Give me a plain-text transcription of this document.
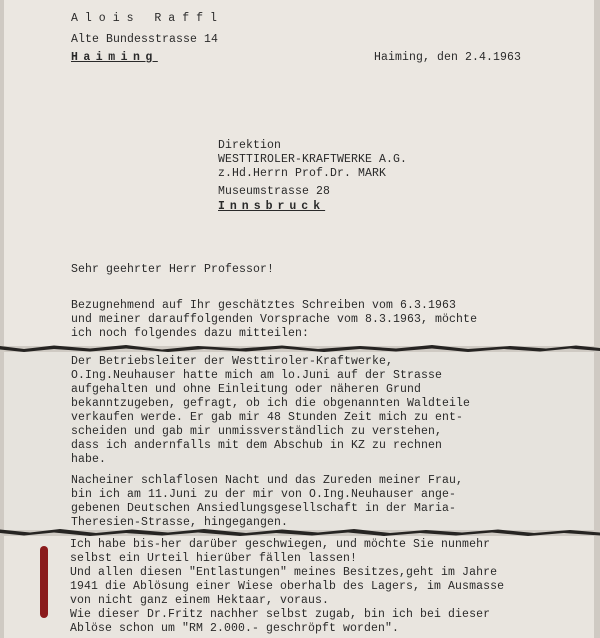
Alois Raffl
Alte Bundesstrasse 14
Haiming	Haiming, den 2.4.1963
Direktion
WESTTIROLER-KRAFTWERKE A.G.
z.Hd.Herrn Prof.Dr. MARK
Museumstrasse 28
Innsbruck
Sehr geehrter Herr Professor!
Bezugnehmend auf Ihr geschätztes Schreiben vom 6.3.1963
und meiner darauffolgenden Vorsprache vom 8.3.1963, möchte
ich noch folgendes dazu mitteilen:
Der Betriebsleiter der Westtiroler-Kraftwerke,
O.Ing.Neuhauser hatte mich am lo.Juni auf der Strasse
aufgehalten und ohne Einleitung oder näheren Grund
bekanntzugeben, gefragt, ob ich die obgenannten Waldteile
verkaufen werde. Er gab mir 48 Stunden Zeit mich zu ent-
scheiden und gab mir unmissverständlich zu verstehen,
dass ich andernfalls mit dem Abschub in KZ zu rechnen
habe.
Nacheiner schlaflosen Nacht und das Zureden meiner Frau,
bin ich am 11.Juni zu der mir von O.Ing.Neuhauser ange-
gebenen Deutschen Ansiedlungsgesellschaft in der Maria-
Theresien-Strasse, hingegangen.
Ich habe bis-her darüber geschwiegen, und möchte Sie nunmehr
selbst ein Urteil hierüber fällen lassen!
Und allen diesen "Entlastungen" meines Besitzes,geht im Jahre
1941 die Ablösung einer Wiese oberhalb des Lagers, im Ausmasse
von nicht ganz einem Hektaar, voraus.
Wie dieser Dr.Fritz nachher selbst zugab, bin ich bei dieser
Ablöse schon um "RM 2.000.- geschröpft worden".
